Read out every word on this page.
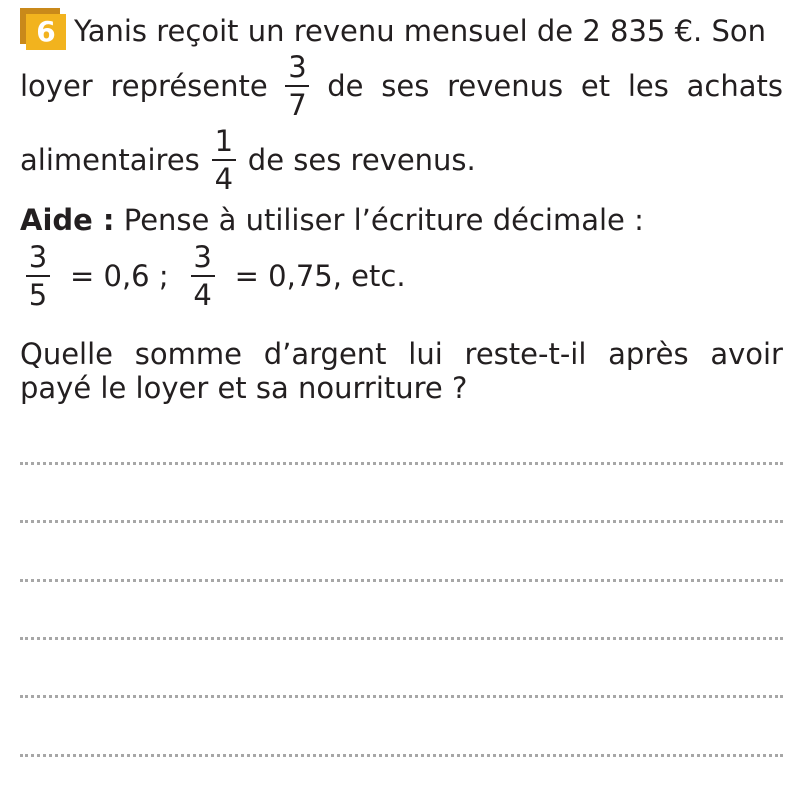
6 Yanis reçoit un revenu mensuel de 2 835 €. Son
loyer représente $\frac{3}{7}$ de ses revenus et les achats
alimentaires $\frac{1}{4}$ de ses revenus.
Aide : Pense à utiliser l’écriture décimale :
$\frac{3}{5} = 0,6$ ; $\frac{3}{4} = 0,75$, etc.
Quelle somme d’argent lui reste-t-il après avoir
payé le loyer et sa nourriture ?
